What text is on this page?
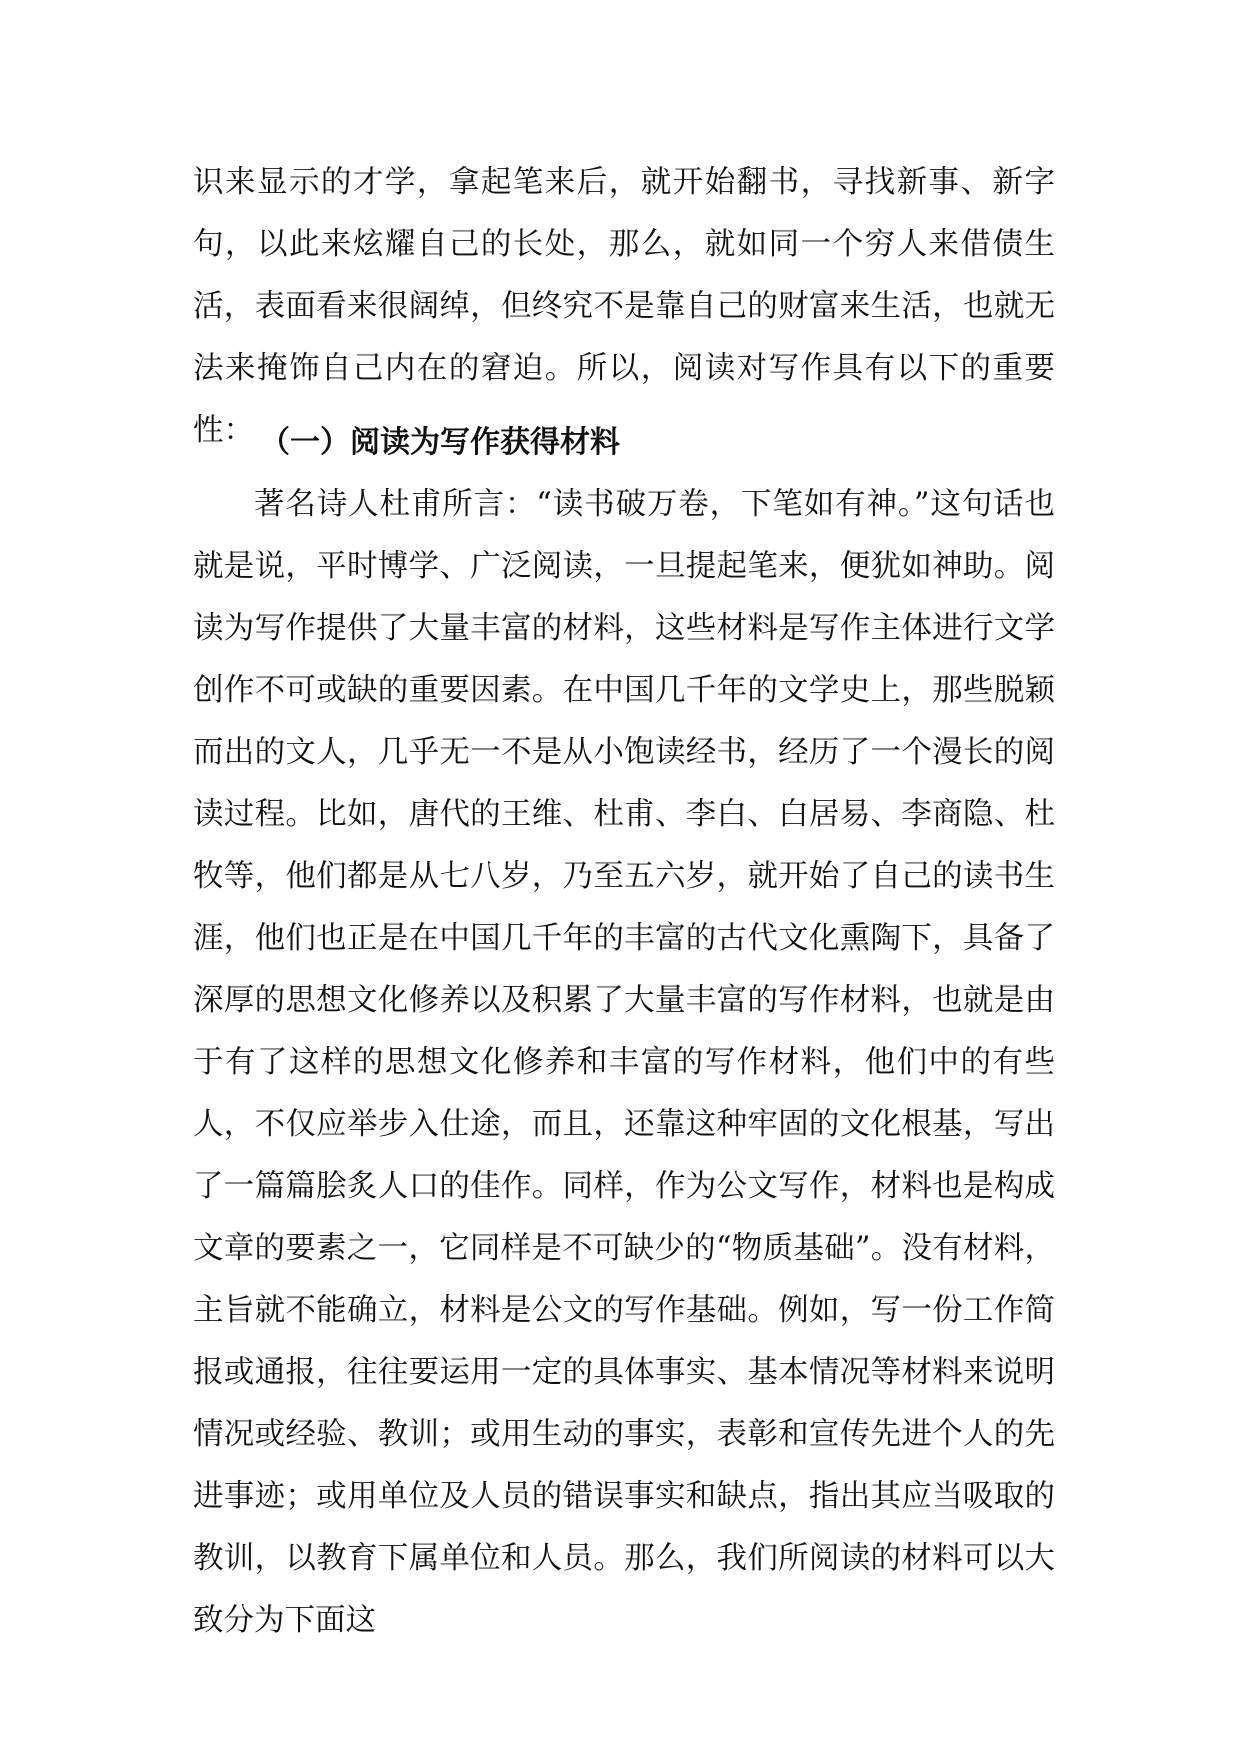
识来显示的才学，拿起笔来后，就开始翻书，寻找新事、新字句，以此来炫耀自己的长处，那么，就如同一个穷人来借债生活，表面看来很阔绰，但终究不是靠自己的财富来生活，也就无法来掩饰自己内在的窘迫。所以，阅读对写作具有以下的重要性： （一）阅读为写作获得材料

著名诗人杜甫所言：“读书破万卷，下笔如有神。”这句话也就是说，平时博学、广泛阅读，一旦提起笔来，便犹如神助。阅读为写作提供了大量丰富的材料，这些材料是写作主体进行文学创作不可或缺的重要因素。在中国几千年的文学史上，那些脱颖而出的文人，几乎无一不是从小饱读经书，经历了一个漫长的阅读过程。比如，唐代的王维、杜甫、李白、白居易、李商隐、杜牧等，他们都是从七八岁，乃至五六岁，就开始了自己的读书生涯，他们也正是在中国几千年的丰富的古代文化熏陶下，具备了深厚的思想文化修养以及积累了大量丰富的写作材料，也就是由于有了这样的思想文化修养和丰富的写作材料，他们中的有些人，不仅应举步入仕途，而且，还靠这种牢固的文化根基，写出了一篇篇脍炙人口的佳作。同样，作为公文写作，材料也是构成文章的要素之一，它同样是不可缺少的“物质基础”。没有材料，主旨就不能确立，材料是公文的写作基础。例如，写一份工作简报或通报，往往要运用一定的具体事实、基本情况等材料来说明情况或经验、教训；或用生动的事实，表彰和宣传先进个人的先进事迹；或用单位及人员的错误事实和缺点，指出其应当吸取的教训，以教育下属单位和人员。那么，我们所阅读的材料可以大致分为下面这
